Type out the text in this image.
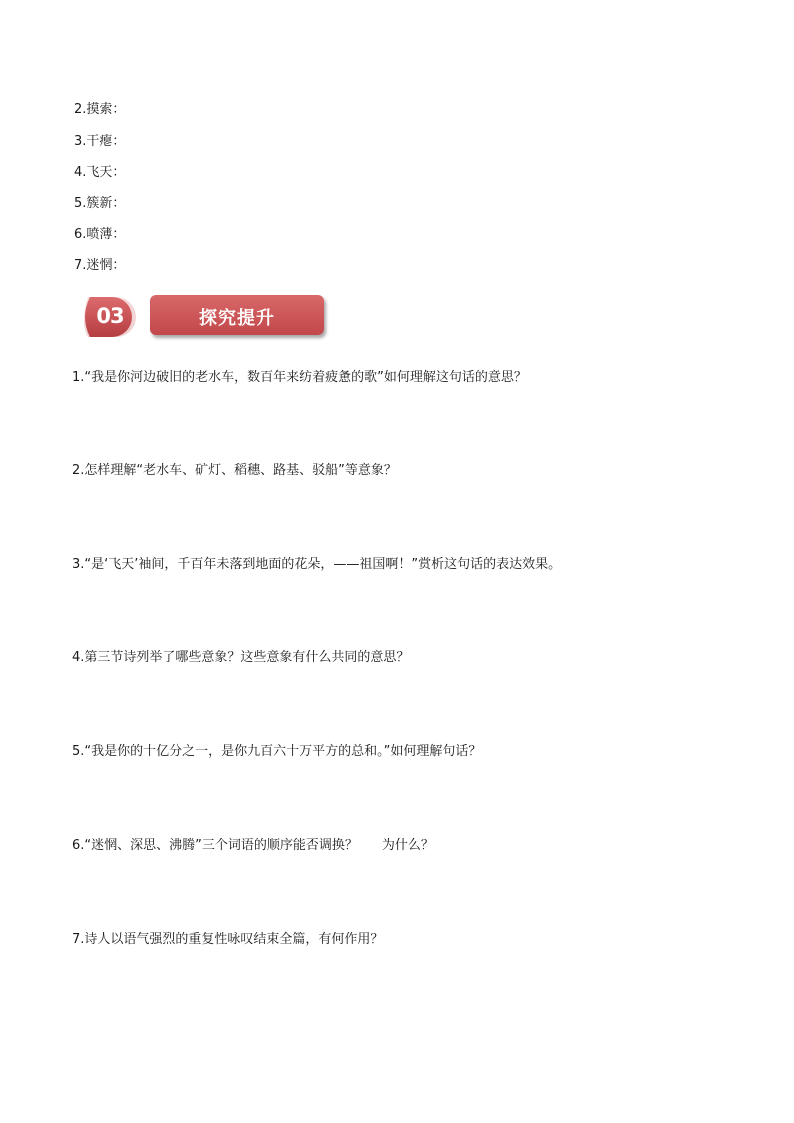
2.摸索：
3.干瘪：
4.飞天：
5.簇新：
6.喷薄：
7.迷惘：
03	探究提升
1.“我是你河边破旧的老水车，数百年来纺着疲惫的歌”如何理解这句话的意思？
2.怎样理解“老水车、矿灯、稻穗、路基、驳船”等意象？
3.“是‘飞天’袖间，千百年未落到地面的花朵，——祖国啊！”赏析这句话的表达效果。
4.第三节诗列举了哪些意象？这些意象有什么共同的意思？
5.“我是你的十亿分之一，是你九百六十万平方的总和。”如何理解句话？
6.“迷惘、深思、沸腾”三个词语的顺序能否调换？ 为什么？
7.诗人以语气强烈的重复性咏叹结束全篇，有何作用？
